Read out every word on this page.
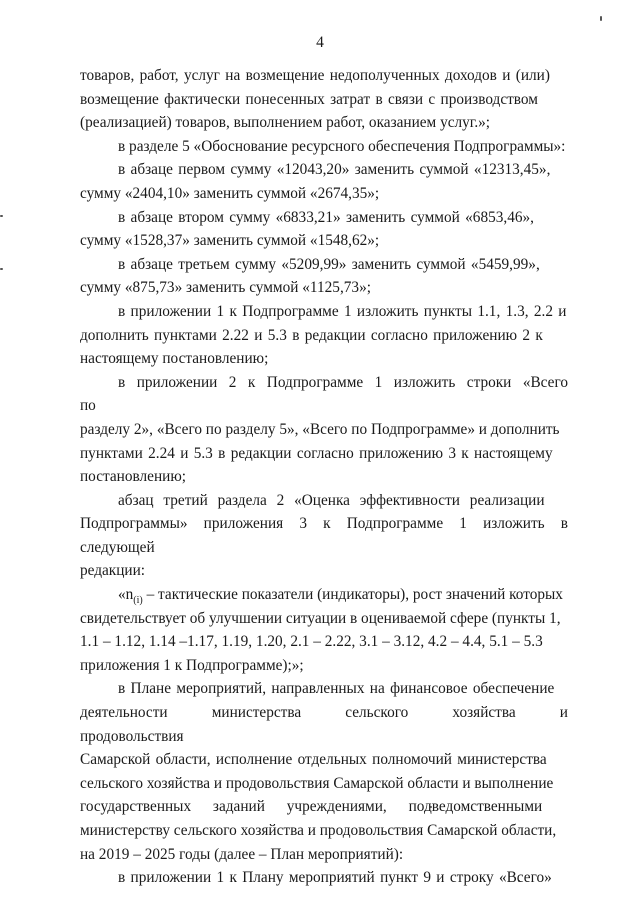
4

товаров, работ, услуг на возмещение недополученных доходов и (или)

возмещение фактически понесенных затрат в связи с производством

(реализацией) товаров, выполнением работ, оказанием услуг.»;

в разделе 5 «Обоснование ресурсного обеспечения Подпрограммы»:

в абзаце первом сумму «12043,20» заменить суммой «12313,45»,

сумму «2404,10» заменить суммой «2674,35»;

в абзаце втором сумму «6833,21» заменить суммой «6853,46»,

сумму «1528,37» заменить суммой «1548,62»;

в абзаце третьем сумму «5209,99» заменить суммой «5459,99»,

сумму «875,73» заменить суммой «1125,73»;

в приложении 1 к Подпрограмме 1 изложить пункты 1.1, 1.3, 2.2 и

дополнить пунктами 2.22 и 5.3 в редакции согласно приложению 2 к

настоящему постановлению;

в приложении 2 к Подпрограмме 1 изложить строки «Всего по

разделу 2», «Всего по разделу 5», «Всего по Подпрограмме» и дополнить

пунктами 2.24 и 5.3 в редакции согласно приложению 3 к настоящему

постановлению;

абзац третий раздела 2 «Оценка эффективности реализации

Подпрограммы» приложения 3 к Подпрограмме 1 изложить в следующей

редакции:

«$n_{(i)}$ – тактические показатели (индикаторы), рост значений которых

свидетельствует об улучшении ситуации в оцениваемой сфере (пункты 1,

1.1 – 1.12, 1.14 –1.17, 1.19, 1.20, 2.1 – 2.22, 3.1 – 3.12, 4.2 – 4.4, 5.1 – 5.3

приложения 1 к Подпрограмме);»;

в Плане мероприятий, направленных на финансовое обеспечение

деятельности министерства сельского хозяйства и продовольствия

Самарской области, исполнение отдельных полномочий министерства

сельского хозяйства и продовольствия Самарской области и выполнение

государственных заданий учреждениями, подведомственными

министерству сельского хозяйства и продовольствия Самарской области,

на 2019 – 2025 годы (далее – План мероприятий):

в приложении 1 к Плану мероприятий пункт 9 и строку «Всего»
